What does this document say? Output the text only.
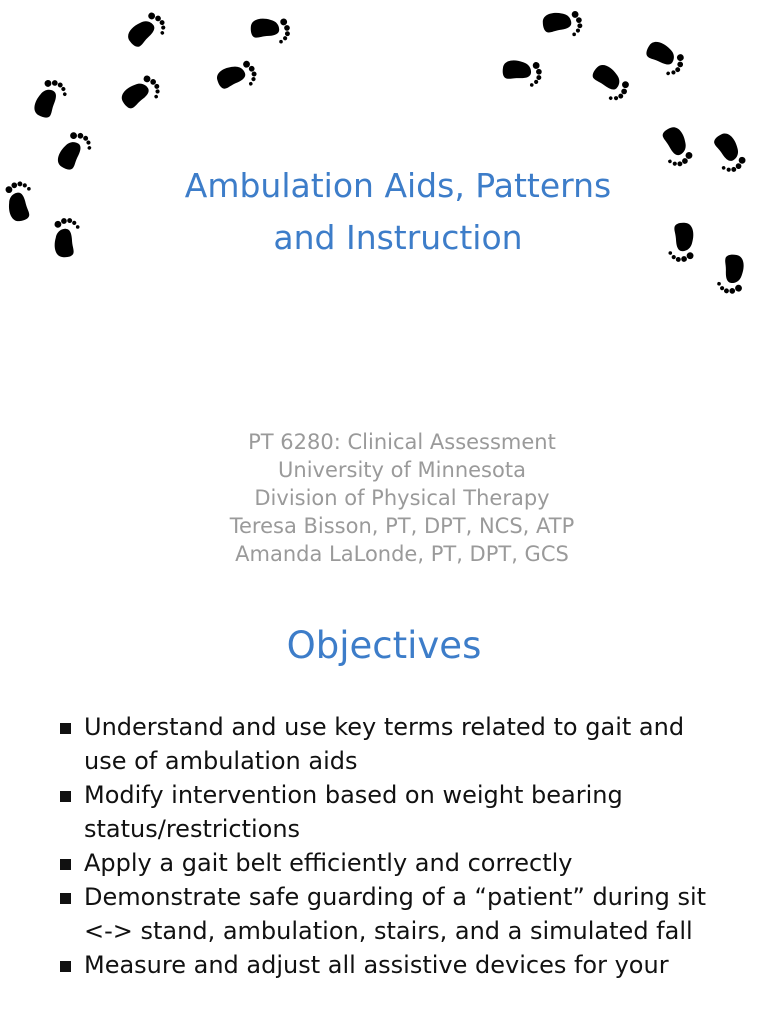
Ambulation Aids, Patterns
and Instruction
PT 6280: Clinical Assessment
University of Minnesota
Division of Physical Therapy
Teresa Bisson, PT, DPT, NCS, ATP
Amanda LaLonde, PT, DPT, GCS
Objectives
Understand and use key terms related to gait and use of ambulation aids
Modify intervention based on weight bearing status/restrictions
Apply a gait belt efficiently and correctly
Demonstrate safe guarding of a “patient” during sit <-> stand, ambulation, stairs, and a simulated fall
Measure and adjust all assistive devices for your
